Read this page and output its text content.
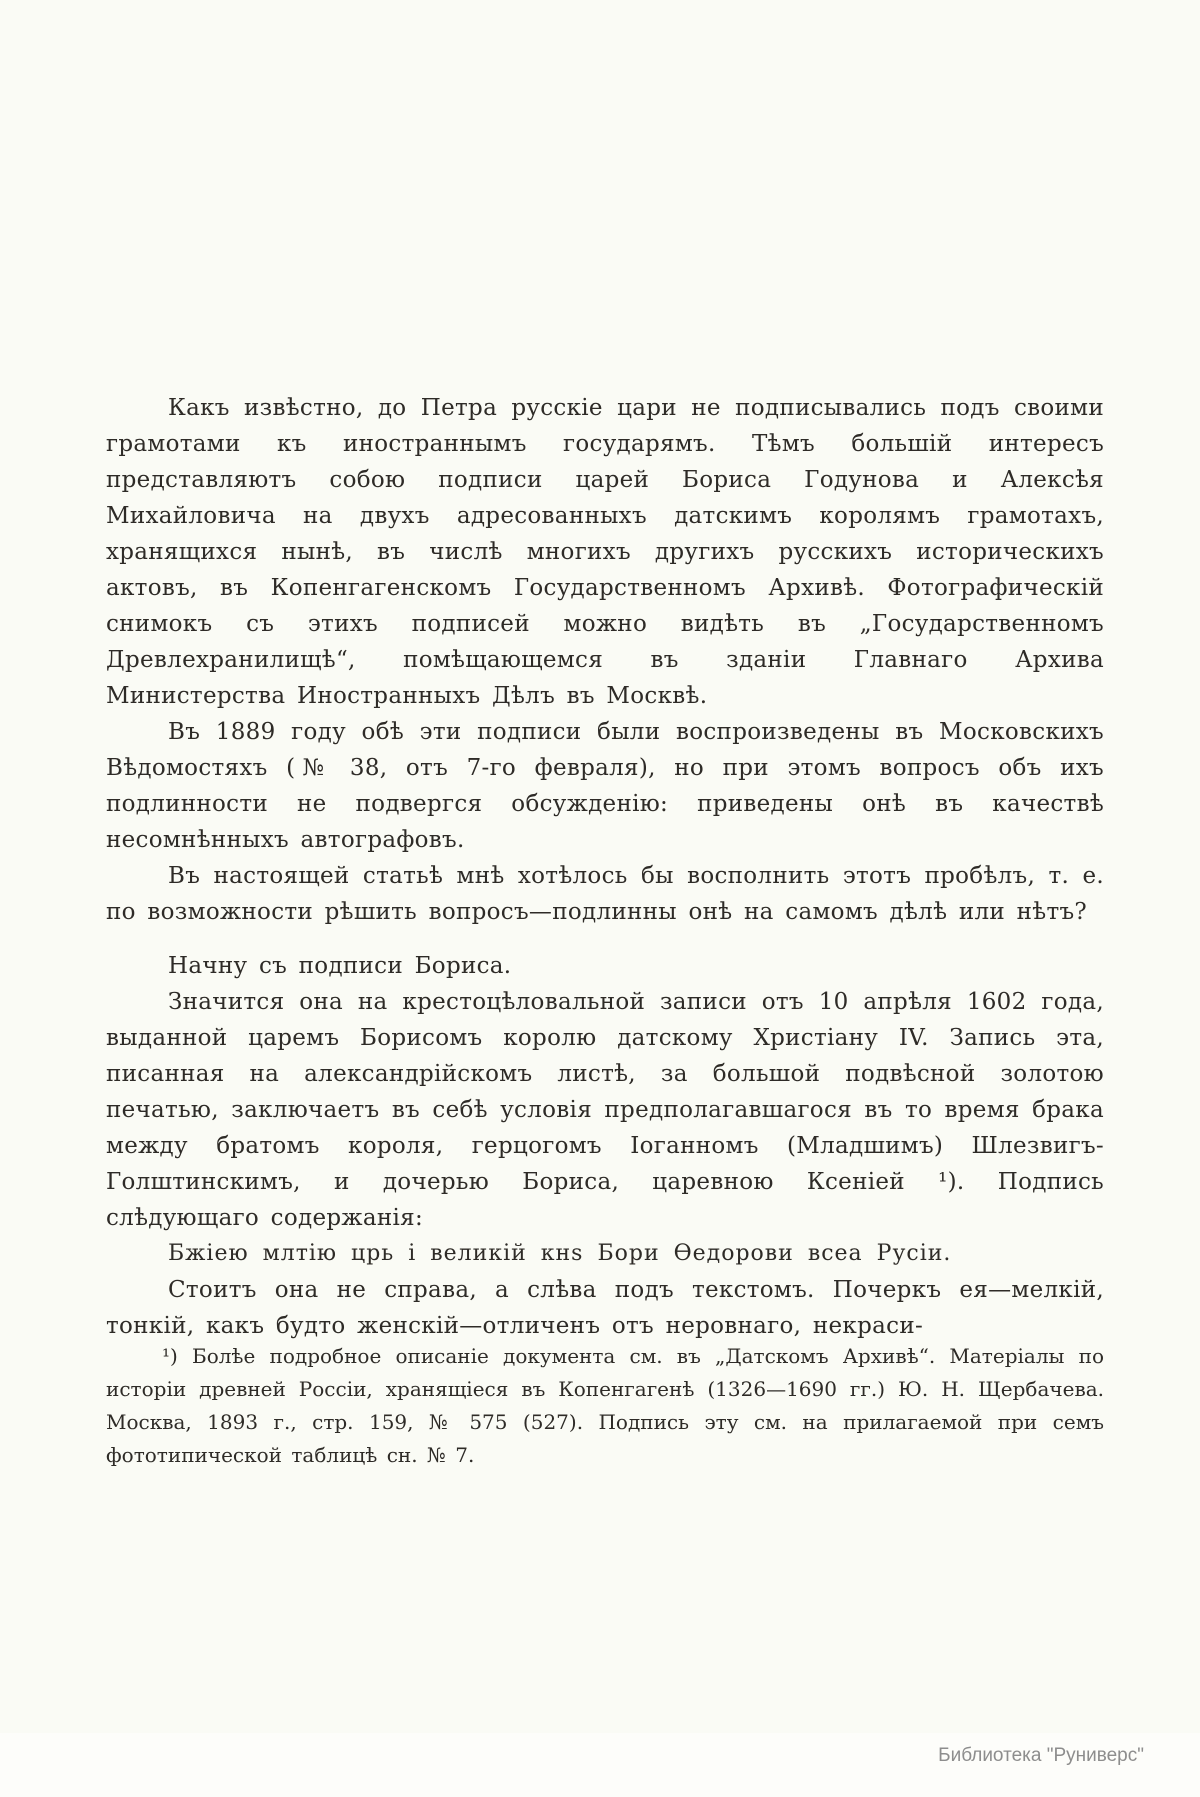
Какъ извѣстно, до Петра русскіе цари не подписывались подъ своими грамотами къ иностраннымъ государямъ. Тѣмъ большій интересъ представляютъ собою подписи царей Бориса Годунова и Алексѣя Михайловича на двухъ адресованныхъ датскимъ королямъ грамотахъ, хранящихся нынѣ, въ числѣ многихъ другихъ русскихъ историческихъ актовъ, въ Копенгагенскомъ Государственномъ Архивѣ. Фотографическій снимокъ съ этихъ подписей можно видѣть въ „Государственномъ Древлехранилищѣ“, помѣщающемся въ зданіи Главнаго Архива Министерства Иностранныхъ Дѣлъ въ Москвѣ.

Въ 1889 году обѣ эти подписи были воспроизведены въ Московскихъ Вѣдомостяхъ (№ 38, отъ 7-го февраля), но при этомъ вопросъ объ ихъ подлинности не подвергся обсужденію: приведены онѣ въ качествѣ несомнѣнныхъ автографовъ.

Въ настоящей статьѣ мнѣ хотѣлось бы восполнить этотъ пробѣлъ, т. е. по возможности рѣшить вопросъ—подлинны онѣ на самомъ дѣлѣ или нѣтъ?

Начну съ подписи Бориса.

Значится она на крестоцѣловальной записи отъ 10 апрѣля 1602 года, выданной царемъ Борисомъ королю датскому Христіану IV. Запись эта, писанная на александрійскомъ листѣ, за большой подвѣсной золотою печатью, заключаетъ въ себѣ условія предполагавшагося въ то время брака между братомъ короля, герцогомъ Іоганномъ (Младшимъ) Шлезвигъ-Голштинскимъ, и дочерью Бориса, царевною Ксеніей ¹). Подпись слѣдующаго содержанія:

Бжіею млтію црь і великій кнѕ Бори Ѳедорови всеа Русіи.

Стоитъ она не справа, а слѣва подъ текстомъ. Почеркъ ея—мелкій, тонкій, какъ будто женскій—отличенъ отъ неровнаго, некраси-

¹) Болѣе подробное описаніе документа см. въ „Датскомъ Архивѣ“. Матеріалы по исторіи древней Россіи, хранящіеся въ Копенгагенѣ (1326—1690 гг.) Ю. Н. Щербачева. Москва, 1893 г., стр. 159, № 575 (527). Подпись эту см. на прилагаемой при семъ фототипической таблицѣ сн. № 7.
Библиотека "Руниверс"
